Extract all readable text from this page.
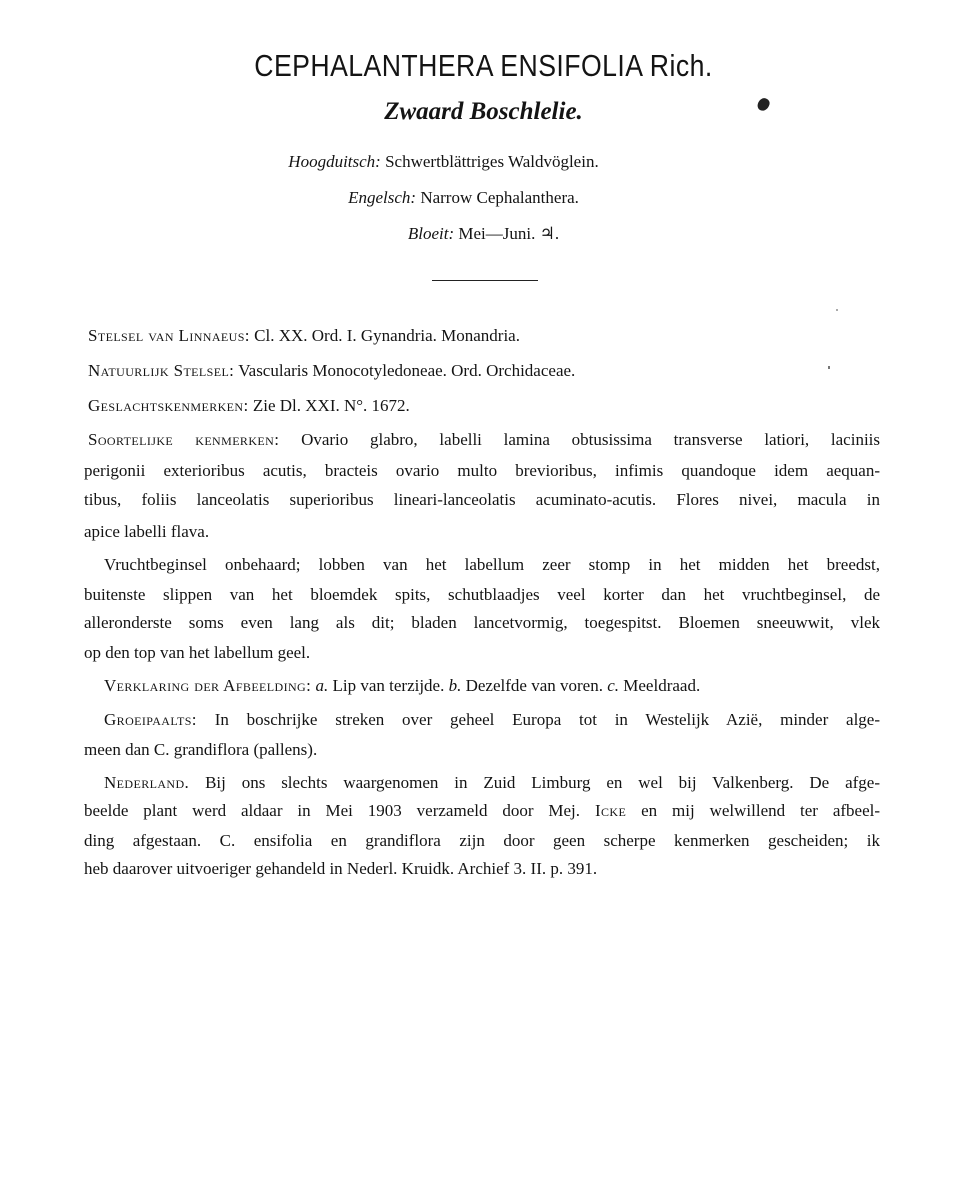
CEPHALANTHERA ENSIFOLIA Rich.
Zwaard Boschlelie.
Hoogduitsch: Schwertblättriges Waldvöglein.
Engelsch: Narrow Cephalanthera.
Bloeit: Mei—Juni. ♃.
Stelsel van Linnaeus: Cl. XX. Ord. I. Gynandria. Monandria.
Natuurlijk Stelsel: Vascularis Monocotyledoneae. Ord. Orchidaceae.
Geslachtskenmerken: Zie Dl. XXI. N°. 1672.
Soortelijke kenmerken: Ovario glabro, labelli lamina obtusissima transverse latiori, laciniis
perigonii exterioribus acutis, bracteis ovario multo brevioribus, infimis quandoque idem aequan-
tibus, foliis lanceolatis superioribus lineari-lanceolatis acuminato-acutis. Flores nivei, macula in
apice labelli flava.
Vruchtbeginsel onbehaard; lobben van het labellum zeer stomp in het midden het breedst,
buitenste slippen van het bloemdek spits, schutblaadjes veel korter dan het vruchtbeginsel, de
allero​nderste soms even lang als dit; bladen lancetvormig, toegespitst. Bloemen sneeuwwit, vlek
op den top van het labellum geel.
Verklaring der Afbeelding: a. Lip van terzijde. b. Dezelfde van voren. c. Meeldraad.
Groeipaalts: In boschrijke streken over geheel Europa tot in Westelijk Azië, minder alge-
meen dan C. grandiflora (pallens).
Nederland. Bij ons slechts waargenomen in Zuid Limburg en wel bij Valkenberg. De afge-
beelde plant werd aldaar in Mei 1903 verzameld door Mej. Icke en mij welwillend ter afbeel-
ding afgestaan. C. ensifolia en grandiflora zijn door geen scherpe kenmerken gescheiden; ik
heb daarover uitvoeriger gehandeld in Nederl. Kruidk. Archief 3. II. p. 391.
